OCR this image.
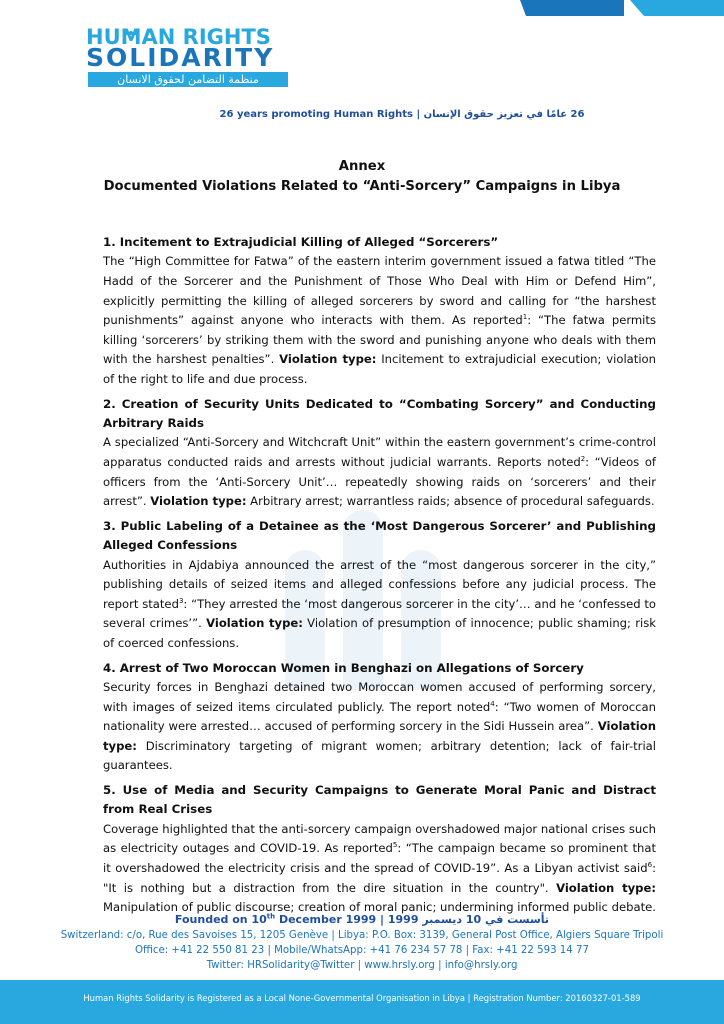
HUMAN RIGHTS
SOLIDARITY
منظمة التضامن لحقوق الانسان
26 years promoting Human Rights | 26 عامًا في تعزيز حقوق الإنسان
Annex
Documented Violations Related to “Anti-Sorcery” Campaigns in Libya
1. Incitement to Extrajudicial Killing of Alleged “Sorcerers”

The “High Committee for Fatwa” of the eastern interim government issued a fatwa titled “The Hadd of the Sorcerer and the Punishment of Those Who Deal with Him or Defend Him”, explicitly permitting the killing of alleged sorcerers by sword and calling for “the harshest punishments” against anyone who interacts with them. As reported$^1$: “The fatwa permits killing ‘sorcerers’ by striking them with the sword and punishing anyone who deals with them with the harshest penalties”. Violation type: Incitement to extrajudicial execution; violation of the right to life and due process.

2. Creation of Security Units Dedicated to “Combating Sorcery” and Conducting Arbitrary Raids

A specialized “Anti-Sorcery and Witchcraft Unit” within the eastern government’s crime-control apparatus conducted raids and arrests without judicial warrants. Reports noted$^2$: “Videos of officers from the ‘Anti-Sorcery Unit’… repeatedly showing raids on ‘sorcerers’ and their arrest”. Violation type: Arbitrary arrest; warrantless raids; absence of procedural safeguards.

3. Public Labeling of a Detainee as the ‘Most Dangerous Sorcerer’ and Publishing Alleged Confessions

Authorities in Ajdabiya announced the arrest of the “most dangerous sorcerer in the city,” publishing details of seized items and alleged confessions before any judicial process. The report stated$^3$: “They arrested the ‘most dangerous sorcerer in the city’… and he ‘confessed to several crimes’”. Violation type: Violation of presumption of innocence; public shaming; risk of coerced confessions.

4. Arrest of Two Moroccan Women in Benghazi on Allegations of Sorcery

Security forces in Benghazi detained two Moroccan women accused of performing sorcery, with images of seized items circulated publicly. The report noted$^4$: “Two women of Moroccan nationality were arrested… accused of performing sorcery in the Sidi Hussein area”. Violation type: Discriminatory targeting of migrant women; arbitrary detention; lack of fair-trial guarantees.

5. Use of Media and Security Campaigns to Generate Moral Panic and Distract from Real Crises

Coverage highlighted that the anti-sorcery campaign overshadowed major national crises such as electricity outages and COVID-19. As reported$^5$: “The campaign became so prominent that it overshadowed the electricity crisis and the spread of COVID-19”. As a Libyan activist said$^6$: "It is nothing but a distraction from the dire situation in the country". Violation type: Manipulation of public discourse; creation of moral panic; undermining informed public debate.

Founded on 10th December 1999 | تأسست في 10 ديسمبر 1999
Switzerland: c/o, Rue des Savoises 15, 1205 Genève | Libya: P.O. Box: 3139, General Post Office, Algiers Square Tripoli
Office: +41 22 550 81 23 | Mobile/WhatsApp: +41 76 234 57 78 | Fax: +41 22 593 14 77
Twitter: HRSolidarity@Twitter | www.hrsly.org | info@hrsly.org
Human Rights Solidarity is Registered as a Local None-Governmental Organisation in Libya | Registration Number: 20160327-01-589
